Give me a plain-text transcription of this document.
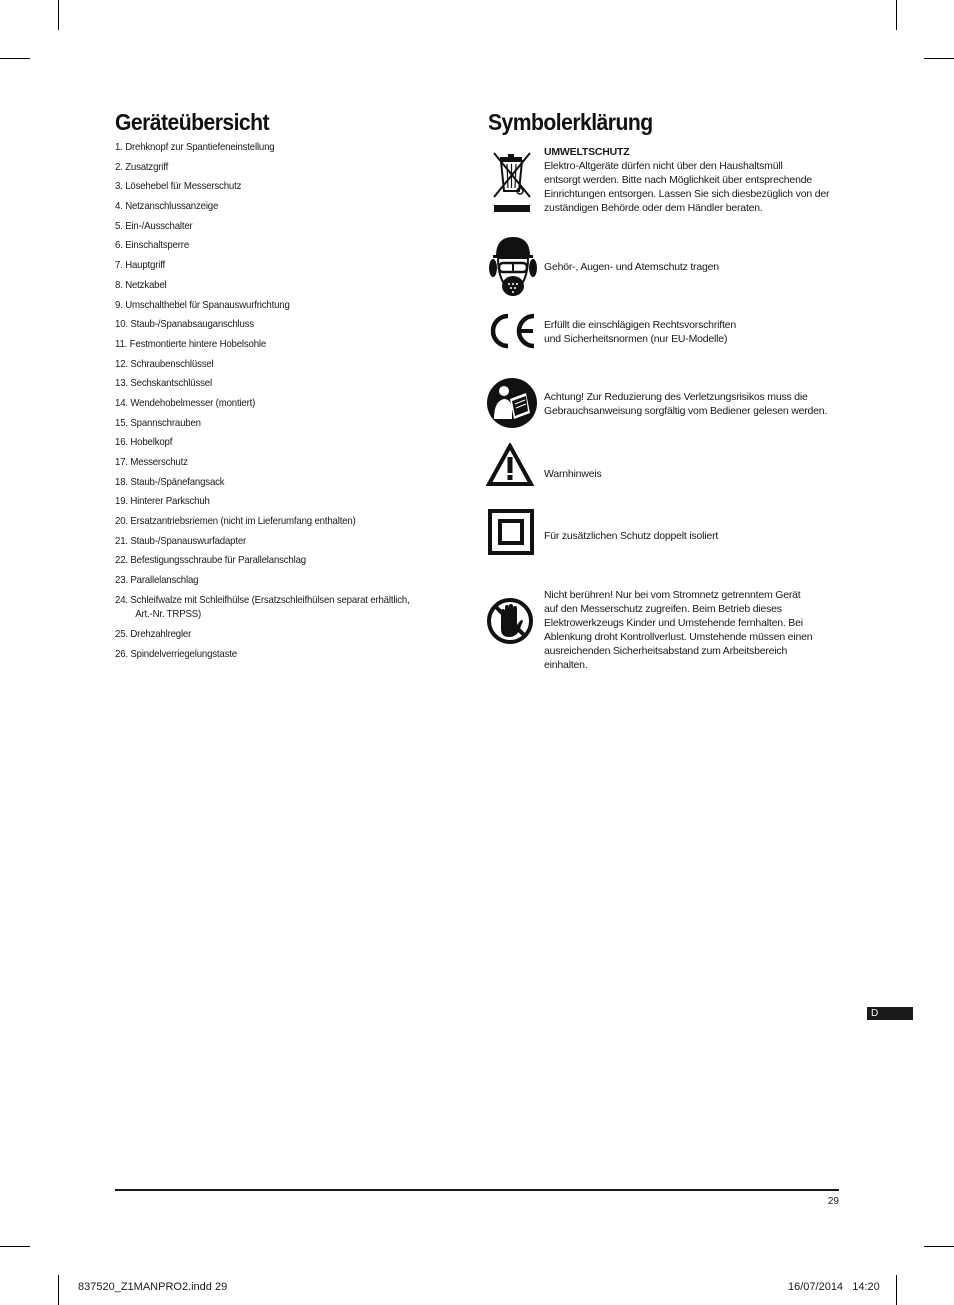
Geräteübersicht
1. Drehknopf zur Spantiefeneinstellung
2. Zusatzgriff
3. Lösehebel für Messerschutz
4. Netzanschlussanzeige
5. Ein-/Ausschalter
6. Einschaltsperre
7. Hauptgriff
8. Netzkabel
9. Umschalthebel für Spanauswurfrichtung
10. Staub-/Spanabsauganschluss
11. Festmontierte hintere Hobelsohle
12. Schraubenschlüssel
13. Sechskantschlüssel
14. Wendehobelmesser (montiert)
15. Spannschrauben
16. Hobelkopf
17. Messerschutz
18. Staub-/Spänefangsack
19. Hinterer Parkschuh
20. Ersatzantriebsriemen (nicht im Lieferumfang enthalten)
21. Staub-/Spanauswurfadapter
22. Befestigungsschraube für Parallelanschlag
23. Parallelanschlag
24. Schleifwalze mit Schleifhülse (Ersatzschleifhülsen separat erhältlich,
Art.-Nr. TRPSS)
25. Drehzahlregler
26. Spindelverriegelungstaste
Symbolerklärung
UMWELTSCHUTZ
Elektro-Altgeräte dürfen nicht über den Haushaltsmüll
entsorgt werden. Bitte nach Möglichkeit über entsprechende
Einrichtungen entsorgen. Lassen Sie sich diesbezüglich von der
zuständigen Behörde oder dem Händler beraten.
Gehör-, Augen- und Atemschutz tragen
Erfüllt die einschlägigen Rechtsvorschriften
und Sicherheitsnormen (nur EU-Modelle)
Achtung! Zur Reduzierung des Verletzungsrisikos muss die
Gebrauchsanweisung sorgfältig vom Bediener gelesen werden.
Warnhinweis
Für zusätzlichen Schutz doppelt isoliert
Nicht berühren! Nur bei vom Stromnetz getrenntem Gerät
auf den Messerschutz zugreifen. Beim Betrieb dieses
Elektrowerkzeugs Kinder und Umstehende fernhalten. Bei
Ablenkung droht Kontrollverlust. Umstehende müssen einen
ausreichenden Sicherheitsabstand zum Arbeitsbereich
einhalten.
D
29
837520_Z1MANPRO2.indd 29	16/07/2014   14:20
